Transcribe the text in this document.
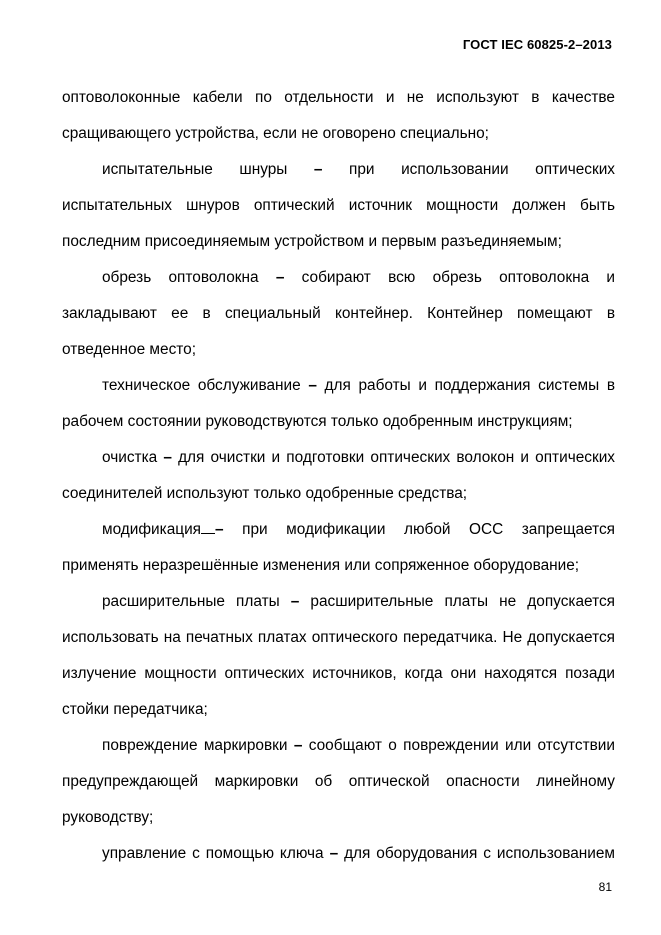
ГОСТ IEC 60825-2–2013

оптоволоконные кабели по отдельности и не используют в качестве сращивающего устройства, если не оговорено специально;

испытательные шнуры – при использовании оптических испытательных шнуров оптический источник мощности должен быть последним присоединяемым устройством и первым разъединяемым;

обрезь оптоволокна – собирают всю обрезь оптоволокна и закладывают ее в специальный контейнер. Контейнер помещают в отведенное место;

техническое обслуживание – для работы и поддержания системы в рабочем состоянии руководствуются только одобренным инструкциям;

очистка – для очистки и подготовки оптических волокон и оптических соединителей используют только одобренные средства;

модификация – при модификации любой ОСС запрещается применять неразрешённые изменения или сопряженное оборудование;

расширительные платы – расширительные платы не допускается использовать на печатных платах оптического передатчика. Не допускается излучение мощности оптических источников, когда они находятся позади стойки передатчика;

повреждение маркировки – сообщают о повреждении или отсутствии предупреждающей маркировки об оптической опасности линейному руководству;

управление с помощью ключа – для оборудования с использованием

81
